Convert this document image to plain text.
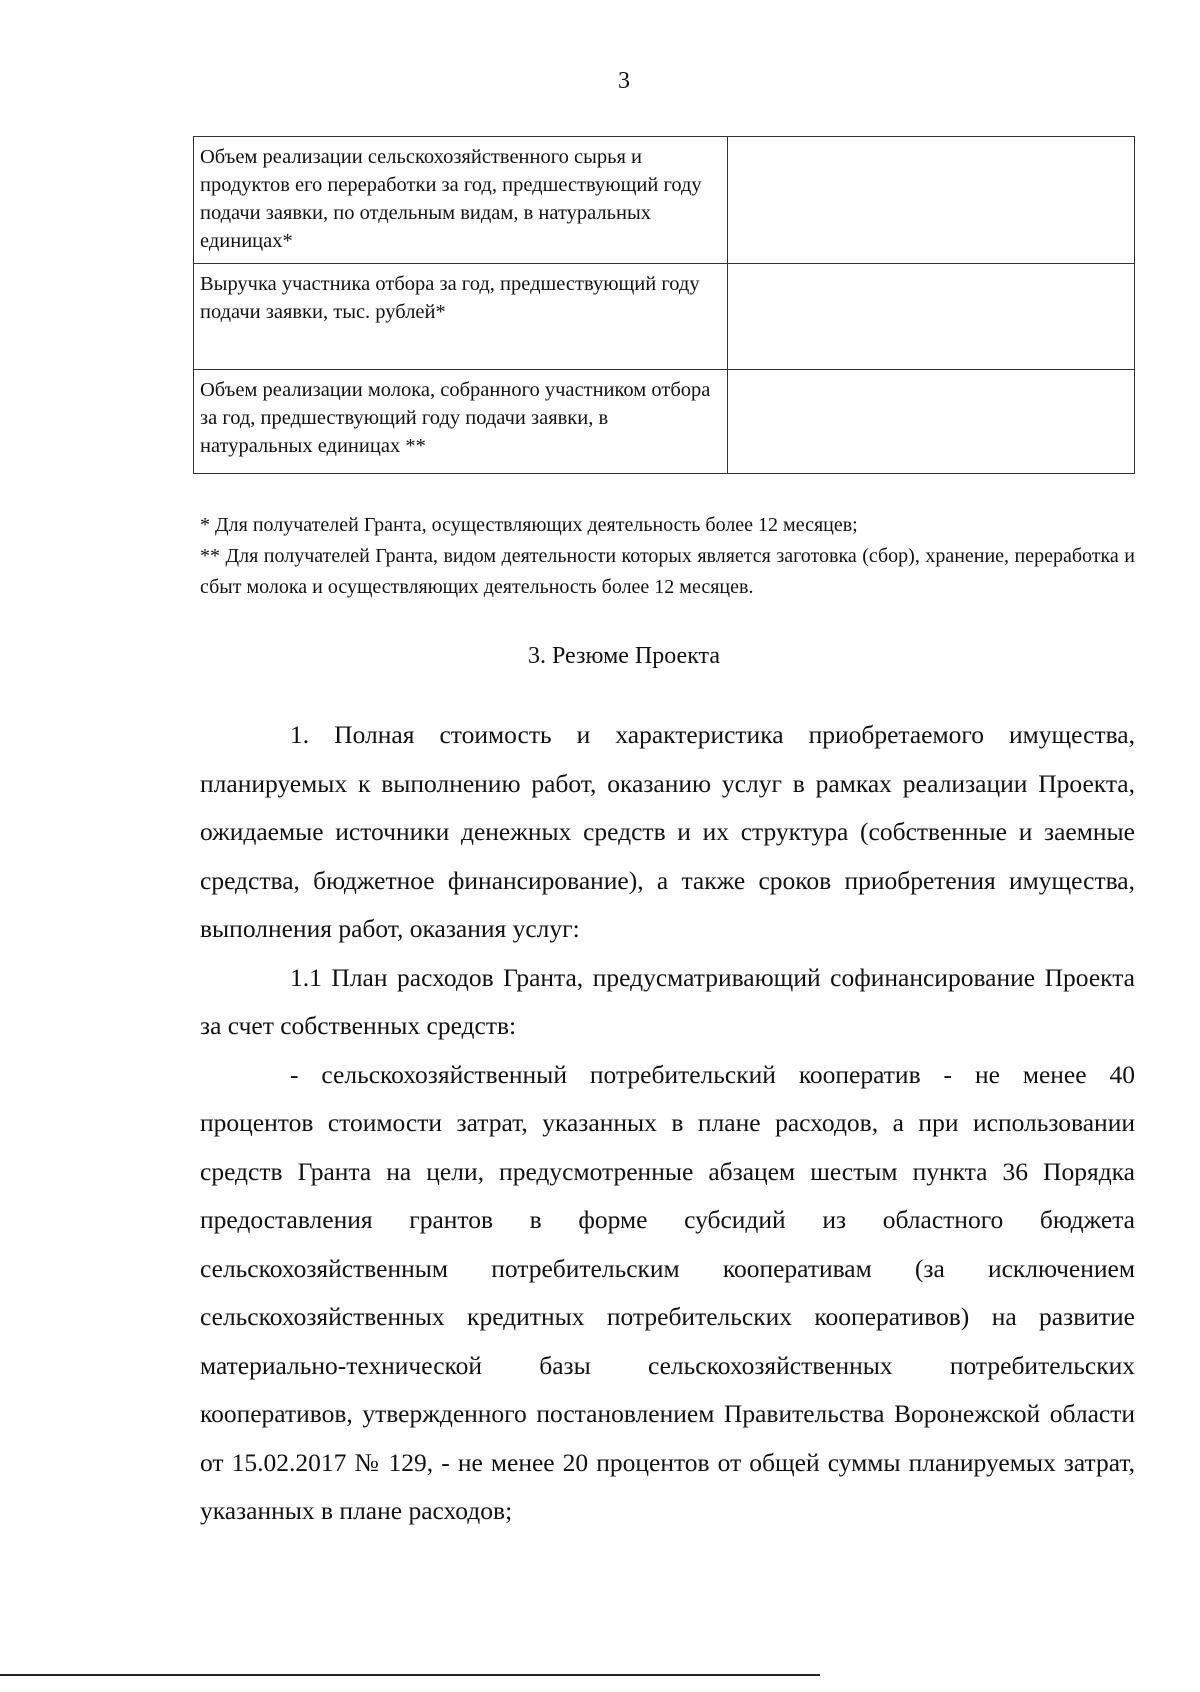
3
Объем реализации сельскохозяйственного сырья и продуктов его переработки за год, предшествующий году подачи заявки, по отдельным видам, в натуральных единицах*	
Выручка участника отбора за год, предшествующий году подачи заявки, тыс. рублей*	
Объем реализации молока, собранного участником отбора за год, предшествующий году подачи заявки, в натуральных единицах **	

* Для получателей Гранта, осуществляющих деятельность более 12 месяцев;

** Для получателей Гранта, видом деятельности которых является заготовка (сбор), хранение, переработка и сбыт молока и осуществляющих деятельность более 12 месяцев.

3. Резюме Проекта

1. Полная стоимость и характеристика приобретаемого имущества, планируемых к выполнению работ, оказанию услуг в рамках реализации Проекта, ожидаемые источники денежных средств и их структура (собственные и заемные средства, бюджетное финансирование), а также сроков приобретения имущества, выполнения работ, оказания услуг:

1.1 План расходов Гранта, предусматривающий софинансирование Проекта за счет собственных средств:

- сельскохозяйственный потребительский кооператив - не менее 40 процентов стоимости затрат, указанных в плане расходов, а при использовании средств Гранта на цели, предусмотренные абзацем шестым пункта 36 Порядка предоставления грантов в форме субсидий из областного бюджета сельскохозяйственным потребительским кооперативам (за исключением сельскохозяйственных кредитных потребительских кооперативов) на развитие материально-технической базы сельскохозяйственных потребительских кооперативов, утвержденного постановлением Правительства Воронежской области от 15.02.2017 № 129, - не менее 20 процентов от общей суммы планируемых затрат, указанных в плане расходов;
